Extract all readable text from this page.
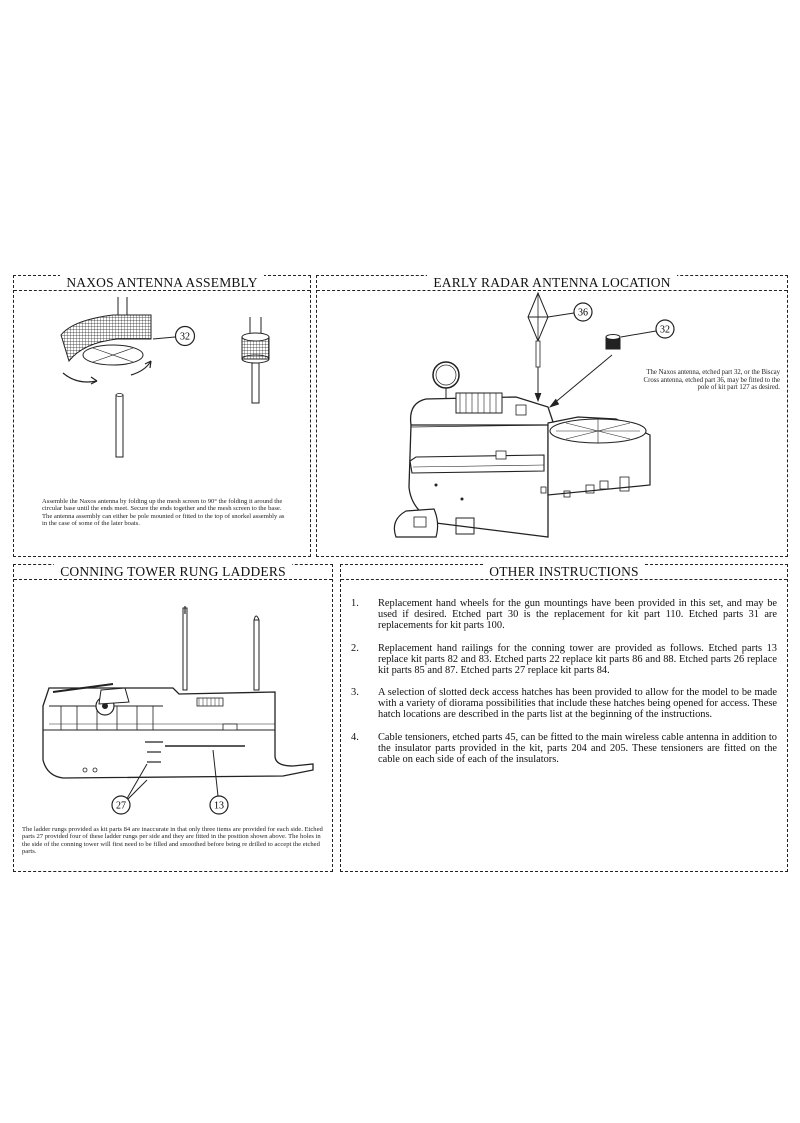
NAXOS ANTENNA ASSEMBLY
Assemble the Naxos antenna by folding up the mesh screen to 90° the folding it around the circular base until the ends meet. Secure the ends together and the mesh screen to the base. The antenna assembly can either be pole mounted or fitted to the top of snorkel assembly as in the case of some of the later boats.
32
EARLY RADAR ANTENNA LOCATION
The Naxos antenna, etched part 32, or the Biscay Cross antenna, etched part 36, may be fitted to the pole of kit part 127 as desired.
36
32
CONNING TOWER RUNG LADDERS
The ladder rungs provided as kit parts 84 are inaccurate in that only three items are provided for each side. Etched parts 27 provided four of these ladder rungs per side and they are fitted in the position shown above. The holes in the side of the conning tower will first need to be filled and smoothed before being re drilled to accept the etched parts.
27	13
OTHER INSTRUCTIONS
1.	Replacement hand wheels for the gun mountings have been provided in this set, and may be used if desired. Etched part 30 is the replacement for kit part 110. Etched parts 31 are replacements for kit parts 100.
2.	Replacement hand railings for the conning tower are provided as follows. Etched parts 13 replace kit parts 82 and 83. Etched parts 22 replace kit parts 86 and 88. Etched parts 26 replace kit parts 85 and 87. Etched parts 27 replace kit parts 84.
3.	A selection of slotted deck access hatches has been provided to allow for the model to be made with a variety of diorama possibilities that include these hatches being opened for access. These hatch locations are described in the parts list at the beginning of the instructions.
4.	Cable tensioners, etched parts 45, can be fitted to the main wireless cable antenna in addition to the insulator parts provided in the kit, parts 204 and 205. These tensioners are fitted on the cable on each side of each of the insulators.
